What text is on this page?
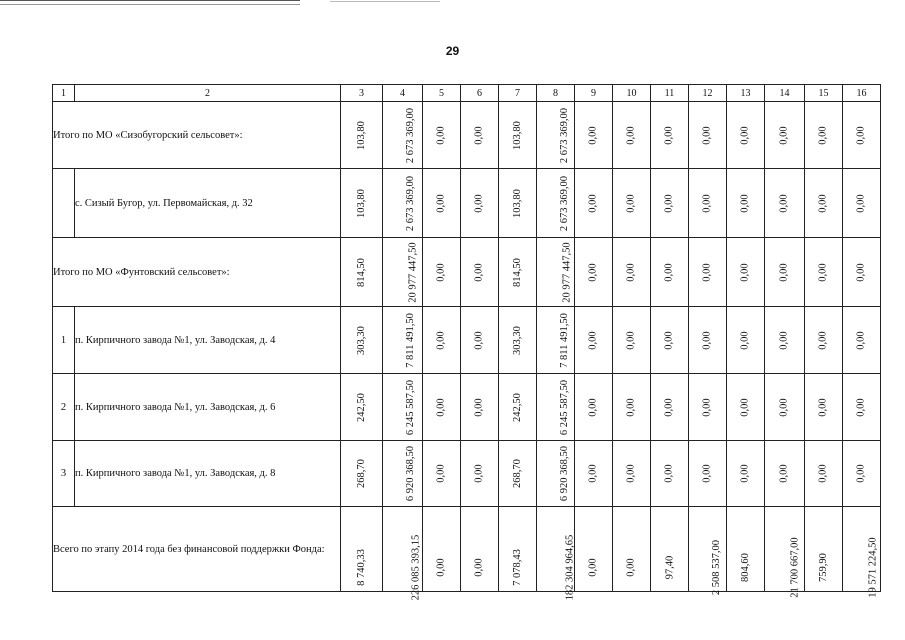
29
1	2	3	4	5	6	7	8	9	10	11	12	13	14	15	16
Итого по МО «Сизобугорский сельсовет»:		103,80	2 673 369,00	0,00	0,00	103,80	2 673 369,00	0,00	0,00	0,00	0,00	0,00	0,00	0,00	0,00
	с. Сизый Бугор, ул. Первомайская, д. 32	103,80	2 673 369,00	0,00	0,00	103,80	2 673 369,00	0,00	0,00	0,00	0,00	0,00	0,00	0,00	0,00
Итого по МО «Фунтовский сельсовет»:		814,50	20 977 447,50	0,00	0,00	814,50	20 977 447,50	0,00	0,00	0,00	0,00	0,00	0,00	0,00	0,00
1	п. Кирпичного завода №1, ул. Заводская, д. 4	303,30	7 811 491,50	0,00	0,00	303,30	7 811 491,50	0,00	0,00	0,00	0,00	0,00	0,00	0,00	0,00
2	п. Кирпичного завода №1, ул. Заводская, д. 6	242,50	6 245 587,50	0,00	0,00	242,50	6 245 587,50	0,00	0,00	0,00	0,00	0,00	0,00	0,00	0,00
3	п. Кирпичного завода №1, ул. Заводская, д. 8	268,70	6 920 368,50	0,00	0,00	268,70	6 920 368,50	0,00	0,00	0,00	0,00	0,00	0,00	0,00	0,00
Всего по этапу 2014 года без финансовой поддержки Фонда:		8 740,33	226 085 393,15	0,00	0,00	7 078,43	182 304 964,65	0,00	0,00	97,40	2 508 537,00	804,60	21 700 667,00	759,90	19 571 224,50
